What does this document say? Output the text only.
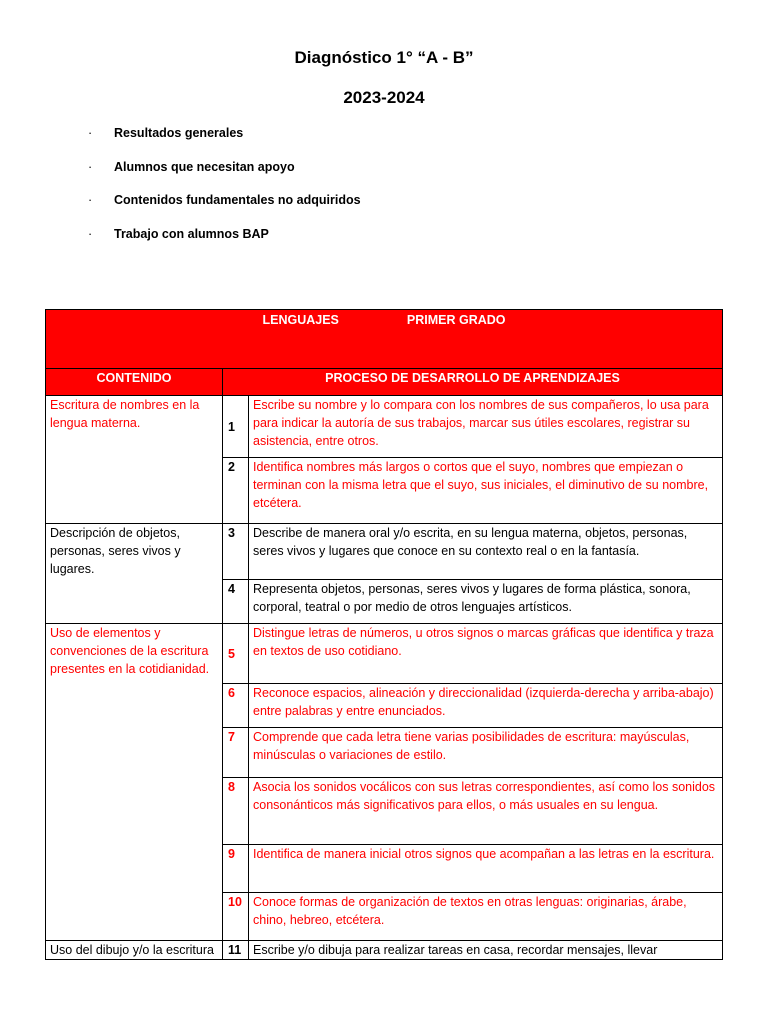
Diagnóstico 1° “A - B”
2023-2024
· Resultados generales
· Alumnos que necesitan apoyo
· Contenidos fundamentales no adquiridos
· Trabajo con alumnos BAP
LENGUAJES PRIMER GRADO		

CONTENIDO	PROCESO DE DESARROLLO DE APRENDIZAJES	
Escritura de nombres en la lengua materna.	1	Escribe su nombre y lo compara con los nombres de sus compañeros, lo usa para para indicar la autoría de sus trabajos, marcar sus útiles escolares, registrar su asistencia, entre otros.
	2	Identifica nombres más largos o cortos que el suyo, nombres que empiezan o terminan con la misma letra que el suyo, sus iniciales, el diminutivo de su nombre, etcétera.
Descripción de objetos, personas, seres vivos y lugares.	3	Describe de manera oral y/o escrita, en su lengua materna, objetos, personas, seres vivos y lugares que conoce en su contexto real o en la fantasía.
	4	Representa objetos, personas, seres vivos y lugares de forma plástica, sonora, corporal, teatral o por medio de otros lenguajes artísticos.
Uso de elementos y convenciones de la escritura presentes en la cotidianidad.	5	Distingue letras de números, u otros signos o marcas gráficas que identifica y traza en textos de uso cotidiano.
	6	Reconoce espacios, alineación y direccionalidad (izquierda-derecha y arriba-abajo) entre palabras y entre enunciados.
	7	Comprende que cada letra tiene varias posibilidades de escritura: mayúsculas, minúsculas o variaciones de estilo.
	8	Asocia los sonidos vocálicos con sus letras correspondientes, así como los sonidos consonánticos más significativos para ellos, o más usuales en su lengua.
	9	Identifica de manera inicial otros signos que acompañan a las letras en la escritura.
	10	Conoce formas de organización de textos en otras lenguas: originarias, árabe, chino, hebreo, etcétera.
Uso del dibujo y/o la escritura	11	Escribe y/o dibuja para realizar tareas en casa, recordar mensajes, llevar
